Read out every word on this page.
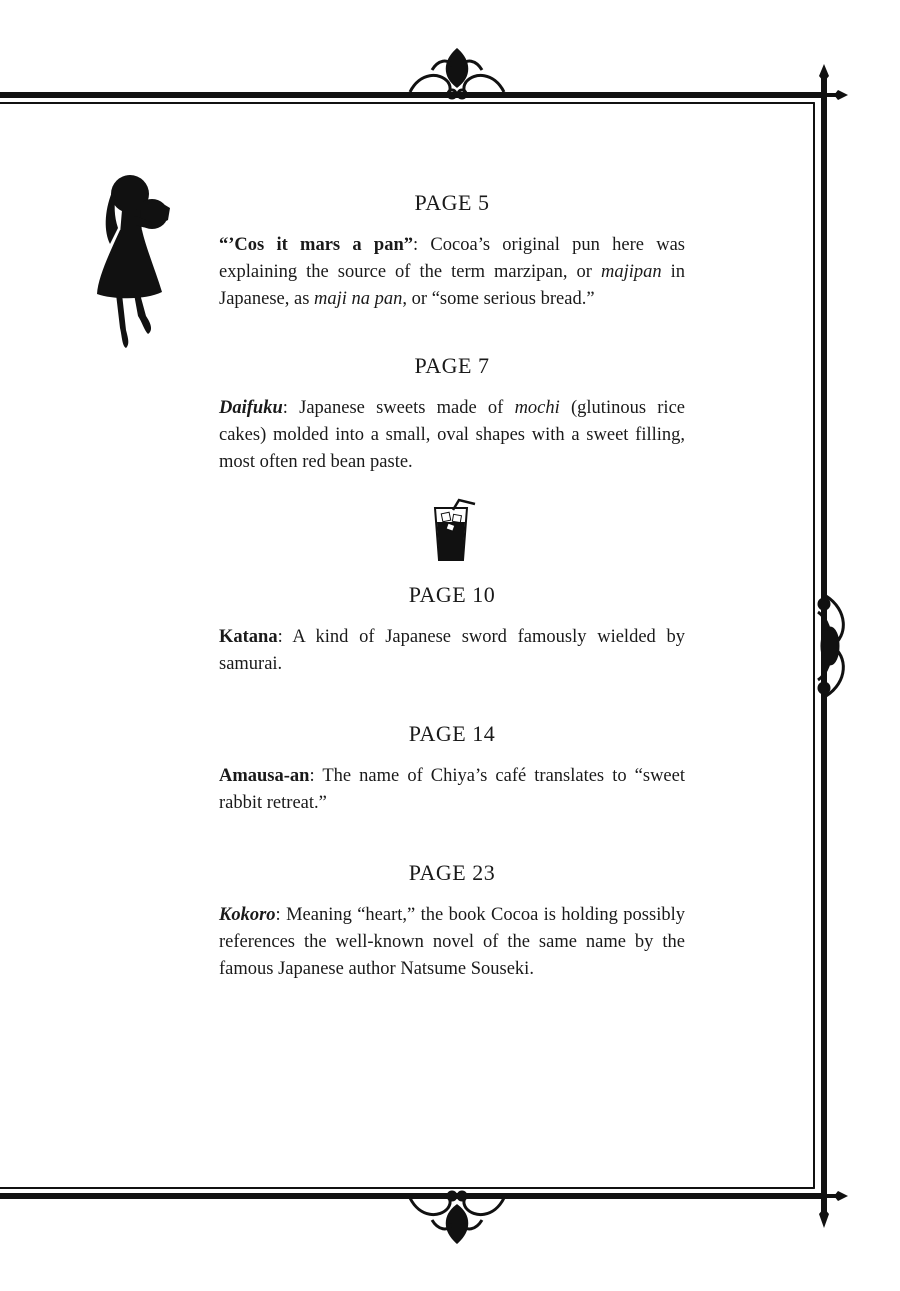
PAGE 5

“’Cos it mars a pan”: Cocoa’s original pun here was explaining the source of the term marzipan, or majipan in Japanese, as maji na pan, or “some serious bread.”

PAGE 7

Daifuku: Japanese sweets made of mochi (glutinous rice cakes) molded into a small, oval shapes with a sweet filling, most often red bean paste.

PAGE 10

Katana: A kind of Japanese sword famously wielded by samurai.

PAGE 14

Amausa-an: The name of Chiya’s café translates to “sweet rabbit retreat.”

PAGE 23

Kokoro: Meaning “heart,” the book Cocoa is holding possibly references the well-known novel of the same name by the famous Japanese author Natsume Souseki.
